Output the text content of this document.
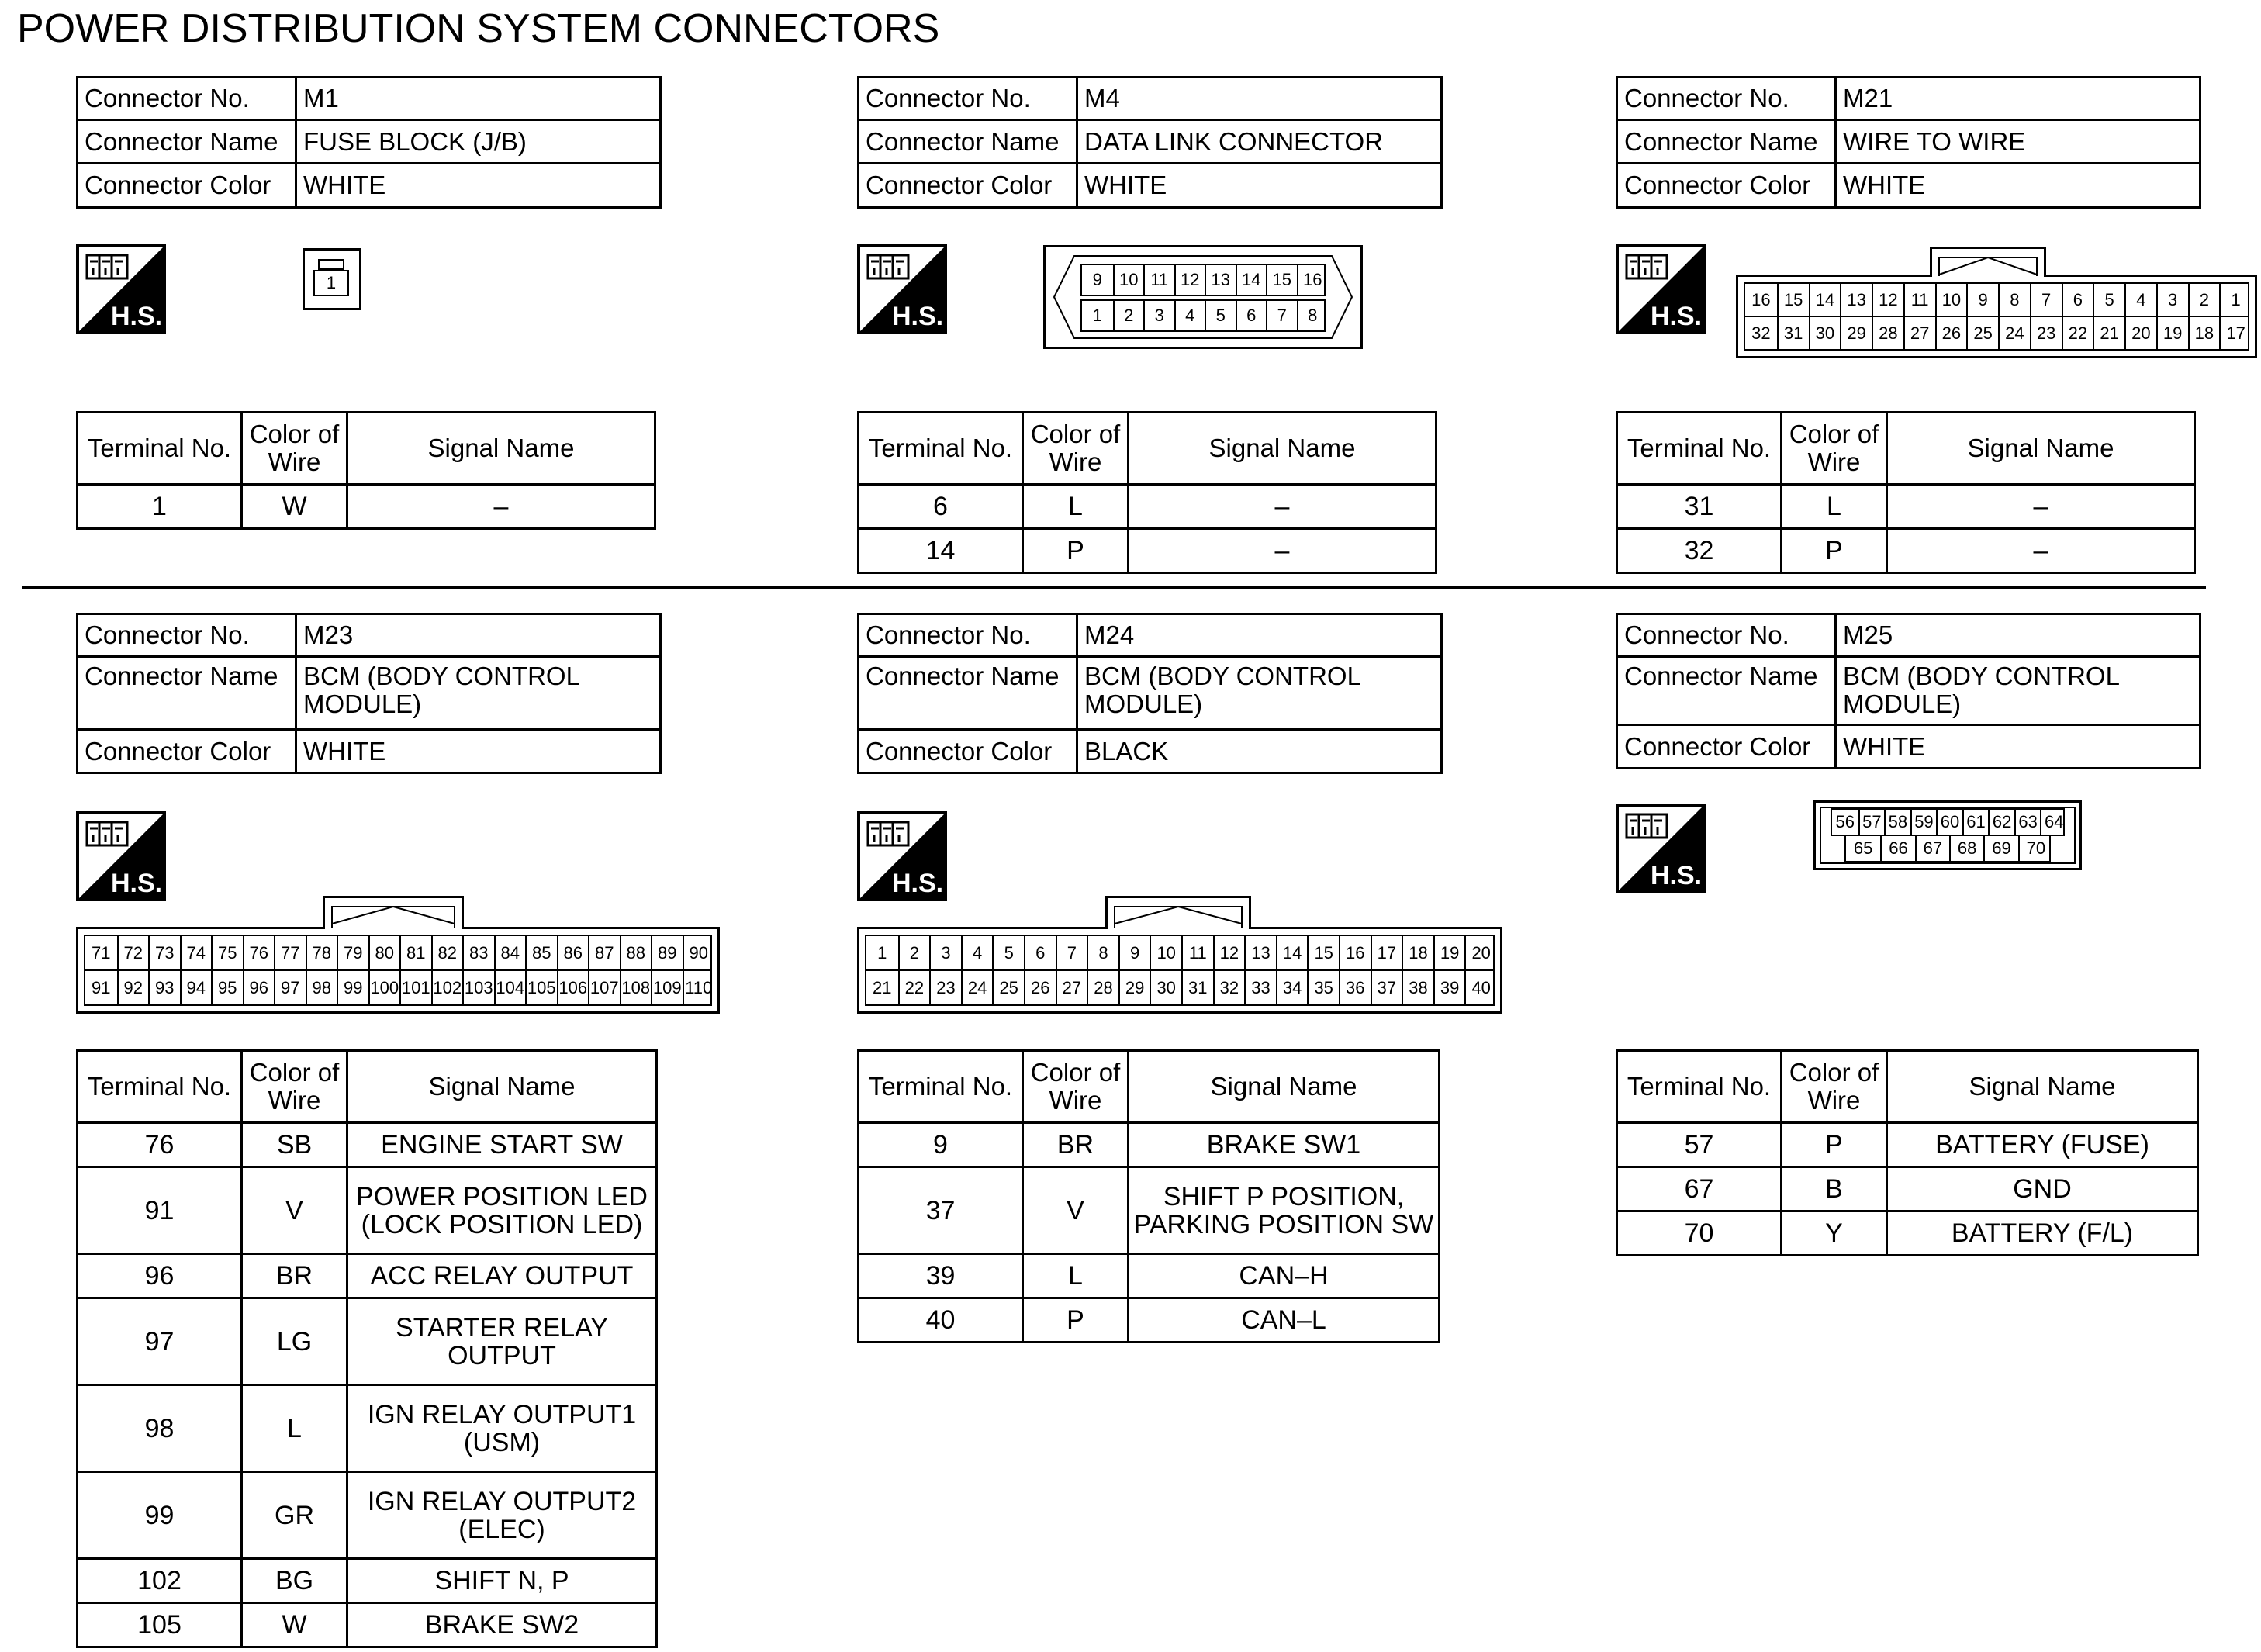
POWER DISTRIBUTION SYSTEM CONNECTORS
Connector No.	M1
Connector Name	FUSE BLOCK (J/B)
Connector Color	WHITE
Connector No.	M4
Connector Name	DATA LINK CONNECTOR
Connector Color	WHITE
Connector No.	M21
Connector Name	WIRE TO WIRE
Connector Color	WHITE
Connector No.	M23
Connector Name	BCM (BODY CONTROL MODULE)
Connector Color	WHITE
Connector No.	M24
Connector Name	BCM (BODY CONTROL MODULE)
Connector Color	BLACK
Connector No.	M25
Connector Name	BCM (BODY CONTROL MODULE)
Connector Color	WHITE
H.S.	H.S.	H.S.
H.S.	H.S.	H.S.
1	9	10 11 12 13 14 15 16
1	2	3	4	5	6	7	8
16 15 14 13 12 11 10	9	8	7	6	5	4	3	2	1
32 31 30 29 28 27 26 25 24 23 22 21 20 19 18 17
71 72 73 74 75 76 77 78 79 80 81 82 83 84 85 86 87 88 89 90
91 92 93 94 95 96 97 98 99 100 101 102 103 104 105 106 107 108 109 110
1	2	3	4	5	6	7	8	9	10 11 12 13 14 15 16 17 18 19 20
21 22 23 24 25 26 27 28 29 30 31 32 33 34 35 36 37 38 39 40
56 57 58 59 60 61 62 63 64
65 66 67 68 69 70
Terminal No.	Color of Wire	Signal Name
1	W	–
Terminal No.	Color of Wire	Signal Name
6	L	–
14	P	–
Terminal No.	Color of Wire	Signal Name
31	L	–
32	P	–
Terminal No.	Color of Wire	Signal Name
76	SB	ENGINE START SW
91	V	POWER POSITION LED (LOCK POSITION LED)
96	BR	ACC RELAY OUTPUT
97	LG	STARTER RELAY OUTPUT
98	L	IGN RELAY OUTPUT1 (USM)
99	GR	IGN RELAY OUTPUT2 (ELEC)
102	BG	SHIFT N, P
105	W	BRAKE SW2
Terminal No.	Color of Wire	Signal Name
9	BR	BRAKE SW1
37	V	SHIFT P POSITION, PARKING POSITION SW
39	L	CAN–H
40	P	CAN–L
Terminal No.	Color of Wire	Signal Name
57	P	BATTERY (FUSE)
67	B	GND
70	Y	BATTERY (F/L)
